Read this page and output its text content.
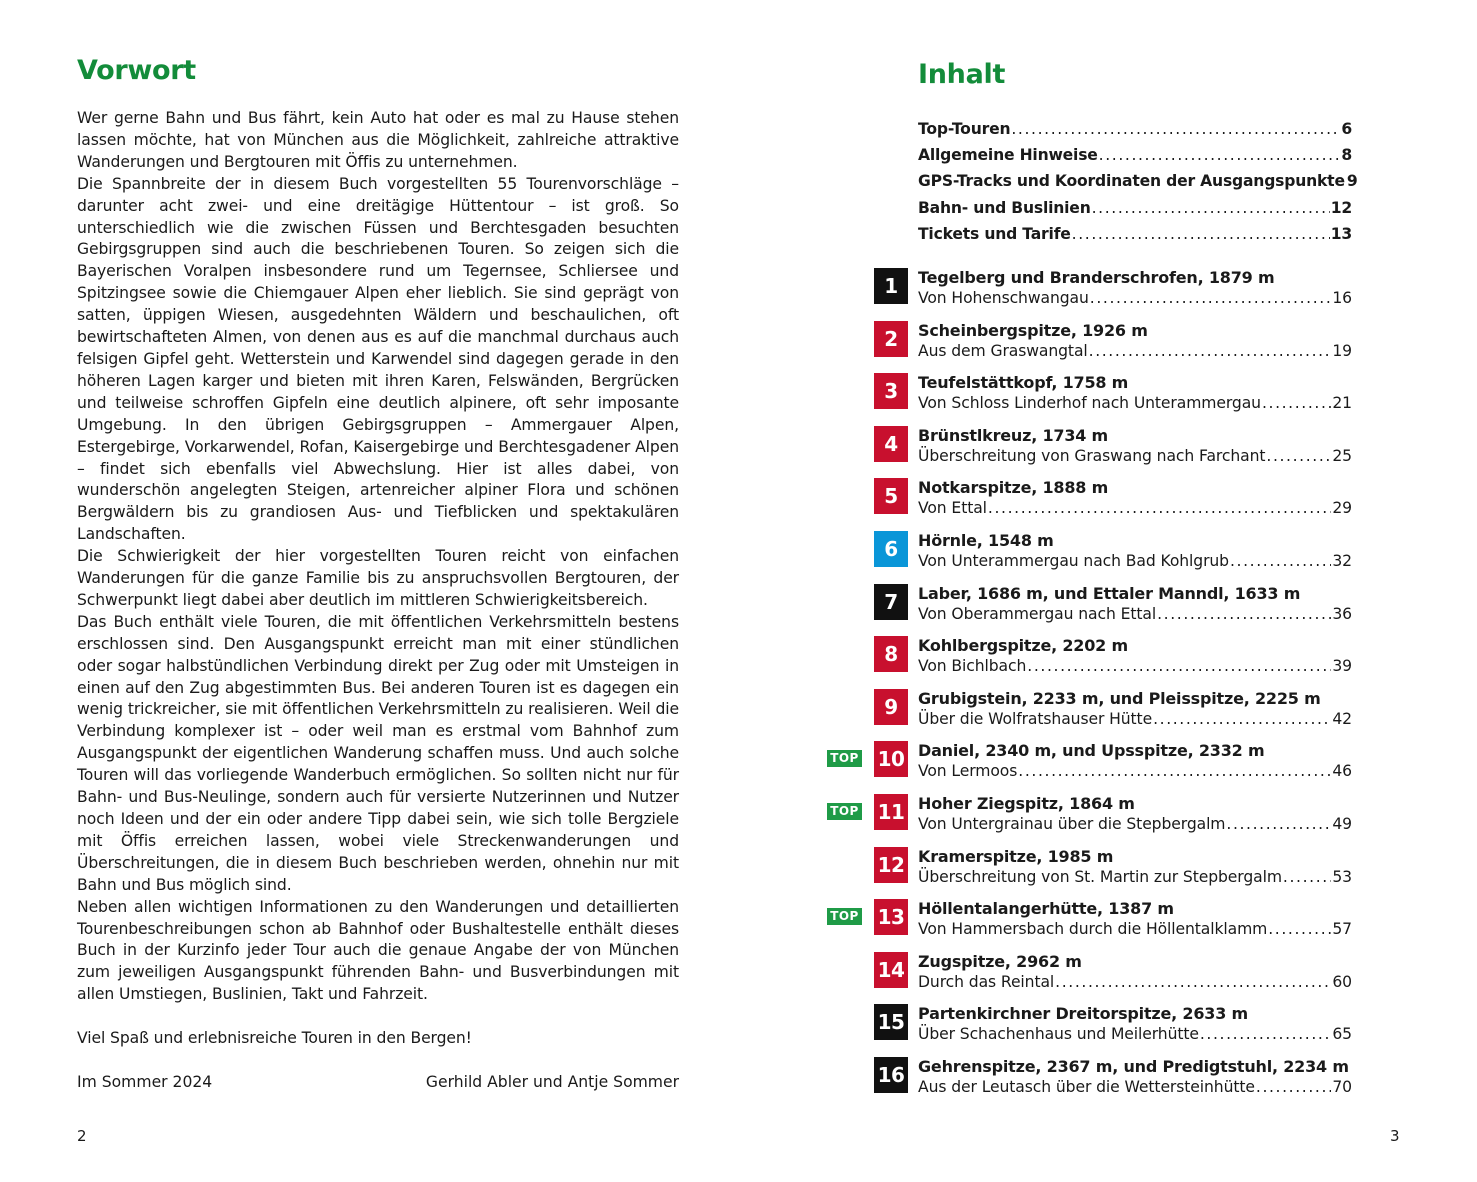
Vorwort

Wer gerne Bahn und Bus fährt, kein Auto hat oder es mal zu Hause stehen lassen möchte, hat von München aus die Möglichkeit, zahlreiche attraktive Wanderungen und Bergtouren mit Öffis zu unternehmen.

Die Spannbreite der in diesem Buch vorgestellten 55 Tourenvorschläge – darunter acht zwei- und eine dreitägige Hüttentour – ist groß. So unterschiedlich wie die zwischen Füssen und Berchtesgaden besuchten Gebirgsgruppen sind auch die beschriebenen Touren. So zeigen sich die Bayerischen Voralpen insbesondere rund um Tegernsee, Schliersee und Spitzingsee sowie die Chiemgauer Alpen eher lieblich. Sie sind geprägt von satten, üppigen Wiesen, ausgedehnten Wäldern und beschaulichen, oft bewirtschafteten Almen, von denen aus es auf die manchmal durchaus auch felsigen Gipfel geht. Wetterstein und Karwendel sind dagegen gerade in den höheren Lagen karger und bieten mit ihren Karen, Felswänden, Bergrücken und teilweise schroffen Gipfeln eine deutlich alpinere, oft sehr imposante Umgebung. In den übrigen Gebirgsgruppen – Ammergauer Alpen, Estergebirge, Vorkarwendel, Rofan, Kaisergebirge und Berchtesgadener Alpen – findet sich ebenfalls viel Abwechslung. Hier ist alles dabei, von wunderschön angelegten Steigen, artenreicher alpiner Flora und schönen Bergwäldern bis zu grandiosen Aus- und Tiefblicken und spektakulären Landschaften.

Die Schwierigkeit der hier vorgestellten Touren reicht von einfachen Wanderungen für die ganze Familie bis zu anspruchsvollen Bergtouren, der Schwerpunkt liegt dabei aber deutlich im mittleren Schwierigkeitsbereich.

Das Buch enthält viele Touren, die mit öffentlichen Verkehrsmitteln bestens erschlossen sind. Den Ausgangspunkt erreicht man mit einer stündlichen oder sogar halbstündlichen Verbindung direkt per Zug oder mit Umsteigen in einen auf den Zug abgestimmten Bus. Bei anderen Touren ist es dagegen ein wenig trickreicher, sie mit öffentlichen Verkehrsmitteln zu realisieren. Weil die Verbindung komplexer ist – oder weil man es erstmal vom Bahnhof zum Ausgangspunkt der eigentlichen Wanderung schaffen muss. Und auch solche Touren will das vorliegende Wanderbuch ermöglichen. So sollten nicht nur für Bahn- und Bus-Neulinge, sondern auch für versierte Nutzerinnen und Nutzer noch Ideen und der ein oder andere Tipp dabei sein, wie sich tolle Bergziele mit Öffis erreichen lassen, wobei viele Streckenwanderungen und Überschreitungen, die in diesem Buch beschrieben werden, ohnehin nur mit Bahn und Bus möglich sind.

Neben allen wichtigen Informationen zu den Wanderungen und detaillierten Tourenbeschreibungen schon ab Bahnhof oder Bushaltestelle enthält dieses Buch in der Kurzinfo jeder Tour auch die genaue Angabe der von München zum jeweiligen Ausgangspunkt führenden Bahn- und Busverbindungen mit allen Umstiegen, Buslinien, Takt und Fahrzeit.

Viel Spaß und erlebnisreiche Touren in den Bergen!

Im Sommer 2024	Gerhild Abler und Antje Sommer
2
Inhalt
Top-Touren .....	6
Allgemeine Hinweise .....	8
GPS-Tracks und Koordinaten der Ausgangspunkte 9
Bahn- und Buslinien .....	12
Tickets und Tarife .....	13
1	Tegelberg und Branderschrofen, 1879 m
Von Hohenschwangau .....	16
2	Scheinbergspitze, 1926 m
Aus dem Graswangtal .....	19
3	Teufelstättkopf, 1758 m
Von Schloss Linderhof nach Unterammergau .....	21
4	Brünstlkreuz, 1734 m
Überschreitung von Graswang nach Farchant .....	25
5	Notkarspitze, 1888 m
Von Ettal .....	29
6	Hörnle, 1548 m
Von Unterammergau nach Bad Kohlgrub .....	32
7	Laber, 1686 m, und Ettaler Manndl, 1633 m
Von Oberammergau nach Ettal .....	36
8	Kohlbergspitze, 2202 m
Von Bichlbach .....	39
9	Grubigstein, 2233 m, und Pleisspitze, 2225 m
Über die Wolfratshauser Hütte .....	42
TOP 10 Daniel, 2340 m, und Upsspitze, 2332 m
Von Lermoos .....	46
TOP 11 Hoher Ziegspitz, 1864 m
Von Untergrainau über die Stepbergalm .....	49
12 Kramerspitze, 1985 m
Überschreitung von St. Martin zur Stepbergalm .....	53
TOP 13 Höllentalangerhütte, 1387 m
Von Hammersbach durch die Höllentalklamm .....	57
14 Zugspitze, 2962 m
Durch das Reintal .....	60
15 Partenkirchner Dreitorspitze, 2633 m
Über Schachenhaus und Meilerhütte .....	65
16 Gehrenspitze, 2367 m, und Predigtstuhl, 2234 m
Aus der Leutasch über die Wettersteinhütte .....	70
3
